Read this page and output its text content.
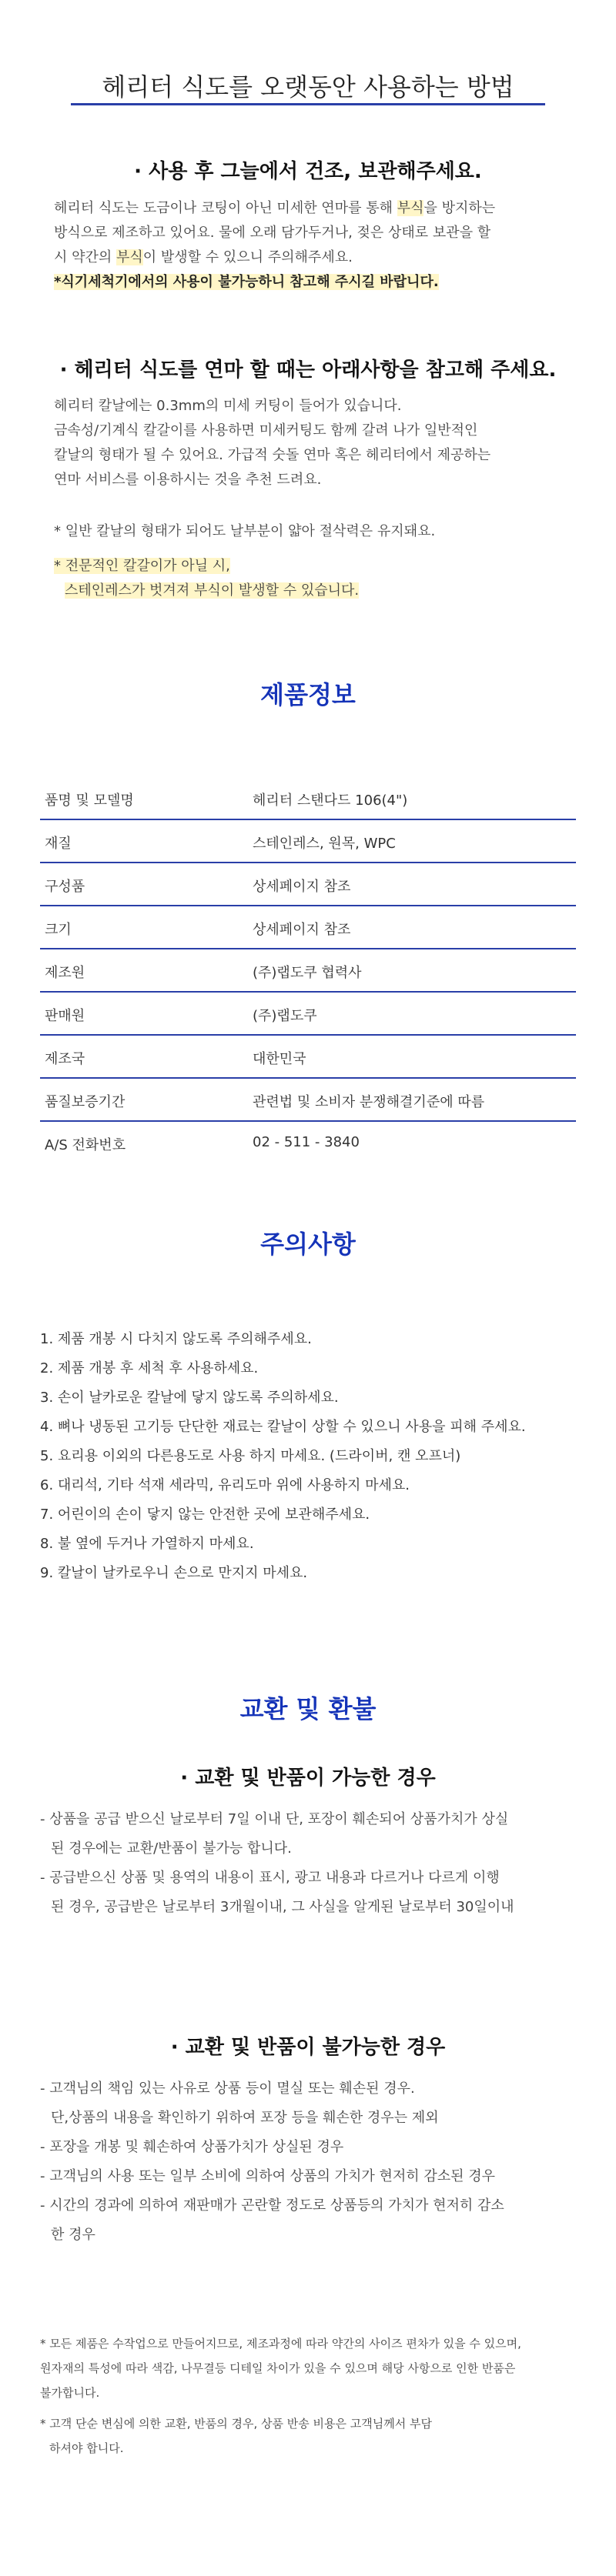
헤리터 식도를 오랫동안 사용하는 방법
· 사용 후 그늘에서 건조, 보관해주세요.
헤리터 식도는 도금이나 코팅이 아닌 미세한 연마를 통해 부식을 방지하는
방식으로 제조하고 있어요. 물에 오래 담가두거나, 젖은 상태로 보관을 할
시 약간의 부식이 발생할 수 있으니 주의해주세요.
*식기세척기에서의 사용이 불가능하니 참고해 주시길 바랍니다.
· 헤리터 식도를 연마 할 때는 아래사항을 참고해 주세요.
헤리터 칼날에는 0.3mm의 미세 커팅이 들어가 있습니다.
금속성/기계식 칼갈이를 사용하면 미세커팅도 함께 갈려 나가 일반적인
칼날의 형태가 될 수 있어요. 가급적 숫돌 연마 혹은 헤리터에서 제공하는
연마 서비스를 이용하시는 것을 추천 드려요.
* 일반 칼날의 형태가 되어도 날부분이 얇아 절삭력은 유지돼요.
* 전문적인 칼갈이가 아닐 시,
스테인레스가 벗겨져 부식이 발생할 수 있습니다.
제품정보
품명 및 모델명	헤리터 스탠다드 106(4")
재질	스테인레스, 원목, WPC
구성품	상세페이지 참조
크기	상세페이지 참조
제조원	(주)랩도쿠 협력사
판매원	(주)랩도쿠
제조국	대한민국
품질보증기간	관련법 및 소비자 분쟁해결기준에 따름
A/S 전화번호	02 - 511 - 3840
주의사항
1. 제품 개봉 시 다치지 않도록 주의해주세요.
2. 제품 개봉 후 세척 후 사용하세요.
3. 손이 날카로운 칼날에 닿지 않도록 주의하세요.
4. 뼈나 냉동된 고기등 단단한 재료는 칼날이 상할 수 있으니 사용을 피해 주세요.
5. 요리용 이외의 다른용도로 사용 하지 마세요. (드라이버, 캔 오프너)
6. 대리석, 기타 석재 세라믹, 유리도마 위에 사용하지 마세요.
7. 어린이의 손이 닿지 않는 안전한 곳에 보관해주세요.
8. 불 옆에 두거나 가열하지 마세요.
9. 칼날이 날카로우니 손으로 만지지 마세요.
교환 및 환불
· 교환 및 반품이 가능한 경우
- 상품을 공급 받으신 날로부터 7일 이내 단, 포장이 훼손되어 상품가치가 상실
된 경우에는 교환/반품이 불가능 합니다.
- 공급받으신 상품 및 용역의 내용이 표시, 광고 내용과 다르거나 다르게 이행
된 경우, 공급받은 날로부터 3개월이내, 그 사실을 알게된 날로부터 30일이내
· 교환 및 반품이 불가능한 경우
- 고객님의 책임 있는 사유로 상품 등이 멸실 또는 훼손된 경우.
단,상품의 내용을 확인하기 위하여 포장 등을 훼손한 경우는 제외
- 포장을 개봉 및 훼손하여 상품가치가 상실된 경우
- 고객님의 사용 또는 일부 소비에 의하여 상품의 가치가 현저히 감소된 경우
- 시간의 경과에 의하여 재판매가 곤란할 정도로 상품등의 가치가 현저히 감소
한 경우
* 모든 제품은 수작업으로 만들어지므로, 제조과정에 따라 약간의 사이즈 편차가 있을 수 있으며,
원자재의 특성에 따라 색감, 나무결등 디테일 차이가 있을 수 있으며 해당 사항으로 인한 반품은
불가합니다.
* 고객 단순 변심에 의한 교환, 반품의 경우, 상품 반송 비용은 고객님께서 부담
하셔야 합니다.
